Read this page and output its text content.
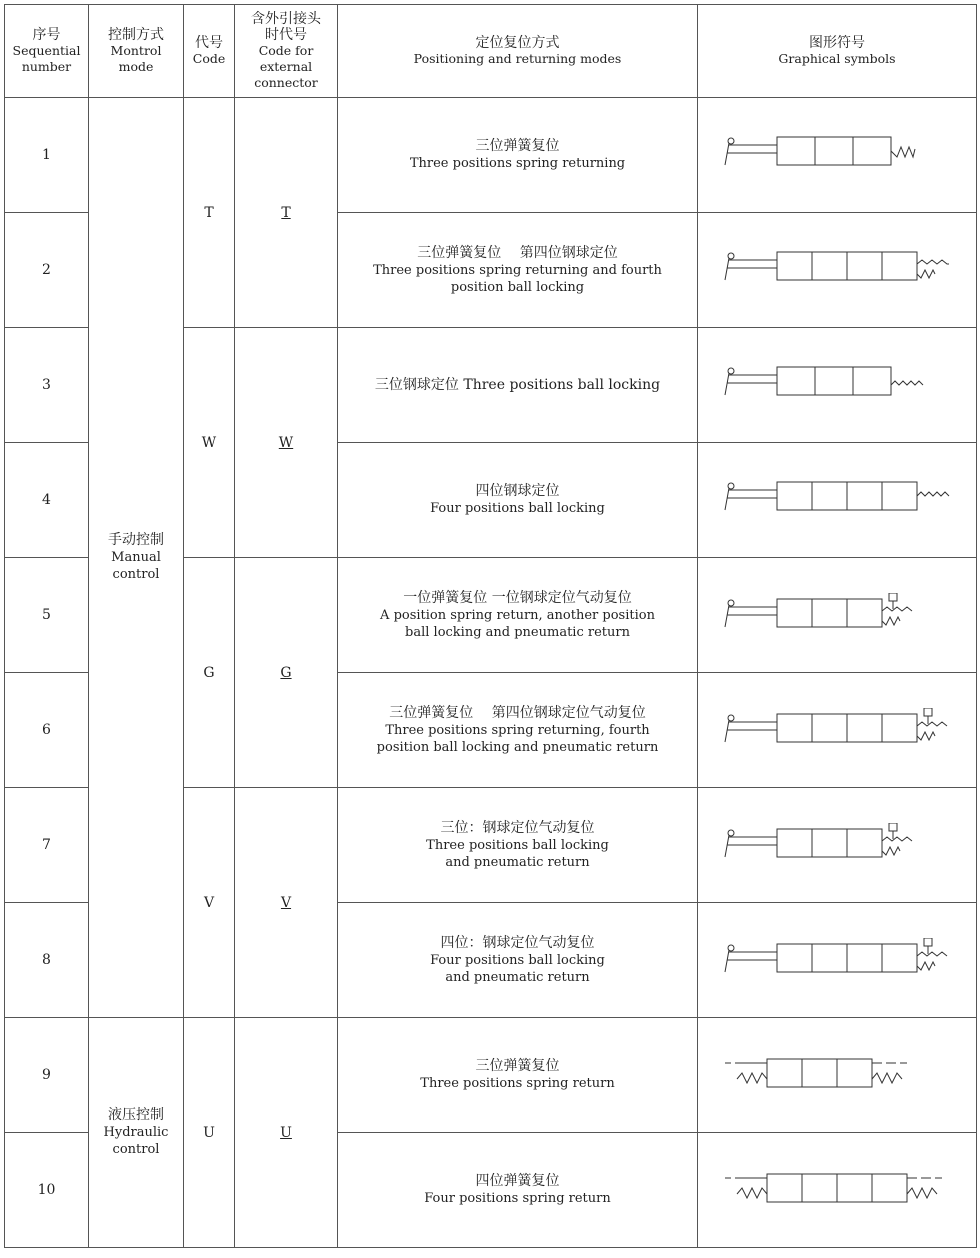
序号
Sequential
number	控制方式
Montrol
mode	代号
Code	含外引接头
时代号
Code for
external
connector	定位复位方式
Positioning and returning modes	图形符号
Graphical symbols

1	手动控制
Manual
control	T	T	三位弹簧复位
Three positions spring returning

2				三位弹簧复位　 第四位钢球定位
Three positions spring returning and fourth
position ball locking

3		W	W	三位钢球定位 Three positions ball locking

4				四位钢球定位
Four positions ball locking

5		G	G	一位弹簧复位 一位钢球定位气动复位
A position spring return, another position
ball locking and pneumatic return

6				三位弹簧复位　 第四位钢球定位气动复位
Three positions spring returning, fourth
position ball locking and pneumatic return

7		V	V	三位：钢球定位气动复位
Three positions ball locking
and pneumatic return

8				四位：钢球定位气动复位
Four positions ball locking
and pneumatic return

9	液压控制
Hydraulic
control	U	U	三位弹簧复位
Three positions spring return

10				四位弹簧复位
Four positions spring return
